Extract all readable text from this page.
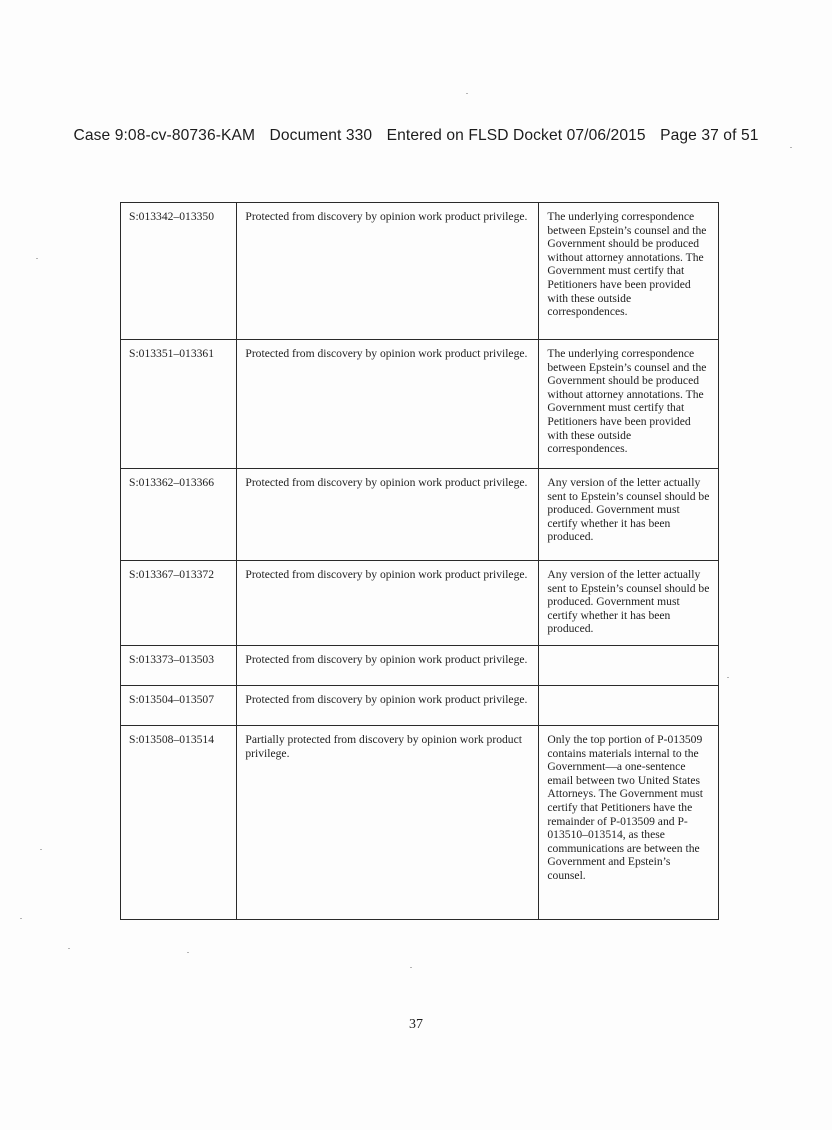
Case 9:08-cv-80736-KAM Document 330 Entered on FLSD Docket 07/06/2015 Page 37 of 51
S:013342–013350	Protected from discovery by opinion work product privilege.	The underlying correspondence between Epstein’s counsel and the Government should be produced without attorney annotations. The Government must certify that Petitioners have been provided with these outside correspondences.
S:013351–013361	Protected from discovery by opinion work product privilege.	The underlying correspondence between Epstein’s counsel and the Government should be produced without attorney annotations. The Government must certify that Petitioners have been provided with these outside correspondences.
S:013362–013366	Protected from discovery by opinion work product privilege.	Any version of the letter actually sent to Epstein’s counsel should be produced. Government must certify whether it has been produced.
S:013367–013372	Protected from discovery by opinion work product privilege.	Any version of the letter actually sent to Epstein’s counsel should be produced. Government must certify whether it has been produced.
S:013373–013503	Protected from discovery by opinion work product privilege.	
S:013504–013507	Protected from discovery by opinion work product privilege.	
S:013508–013514	Partially protected from discovery by opinion work product privilege.	Only the top portion of P-013509 contains materials internal to the Government—a one-sentence email between two United States Attorneys. The Government must certify that Petitioners have the remainder of P-013509 and P-013510–013514, as these communications are between the Government and Epstein’s counsel.
37
